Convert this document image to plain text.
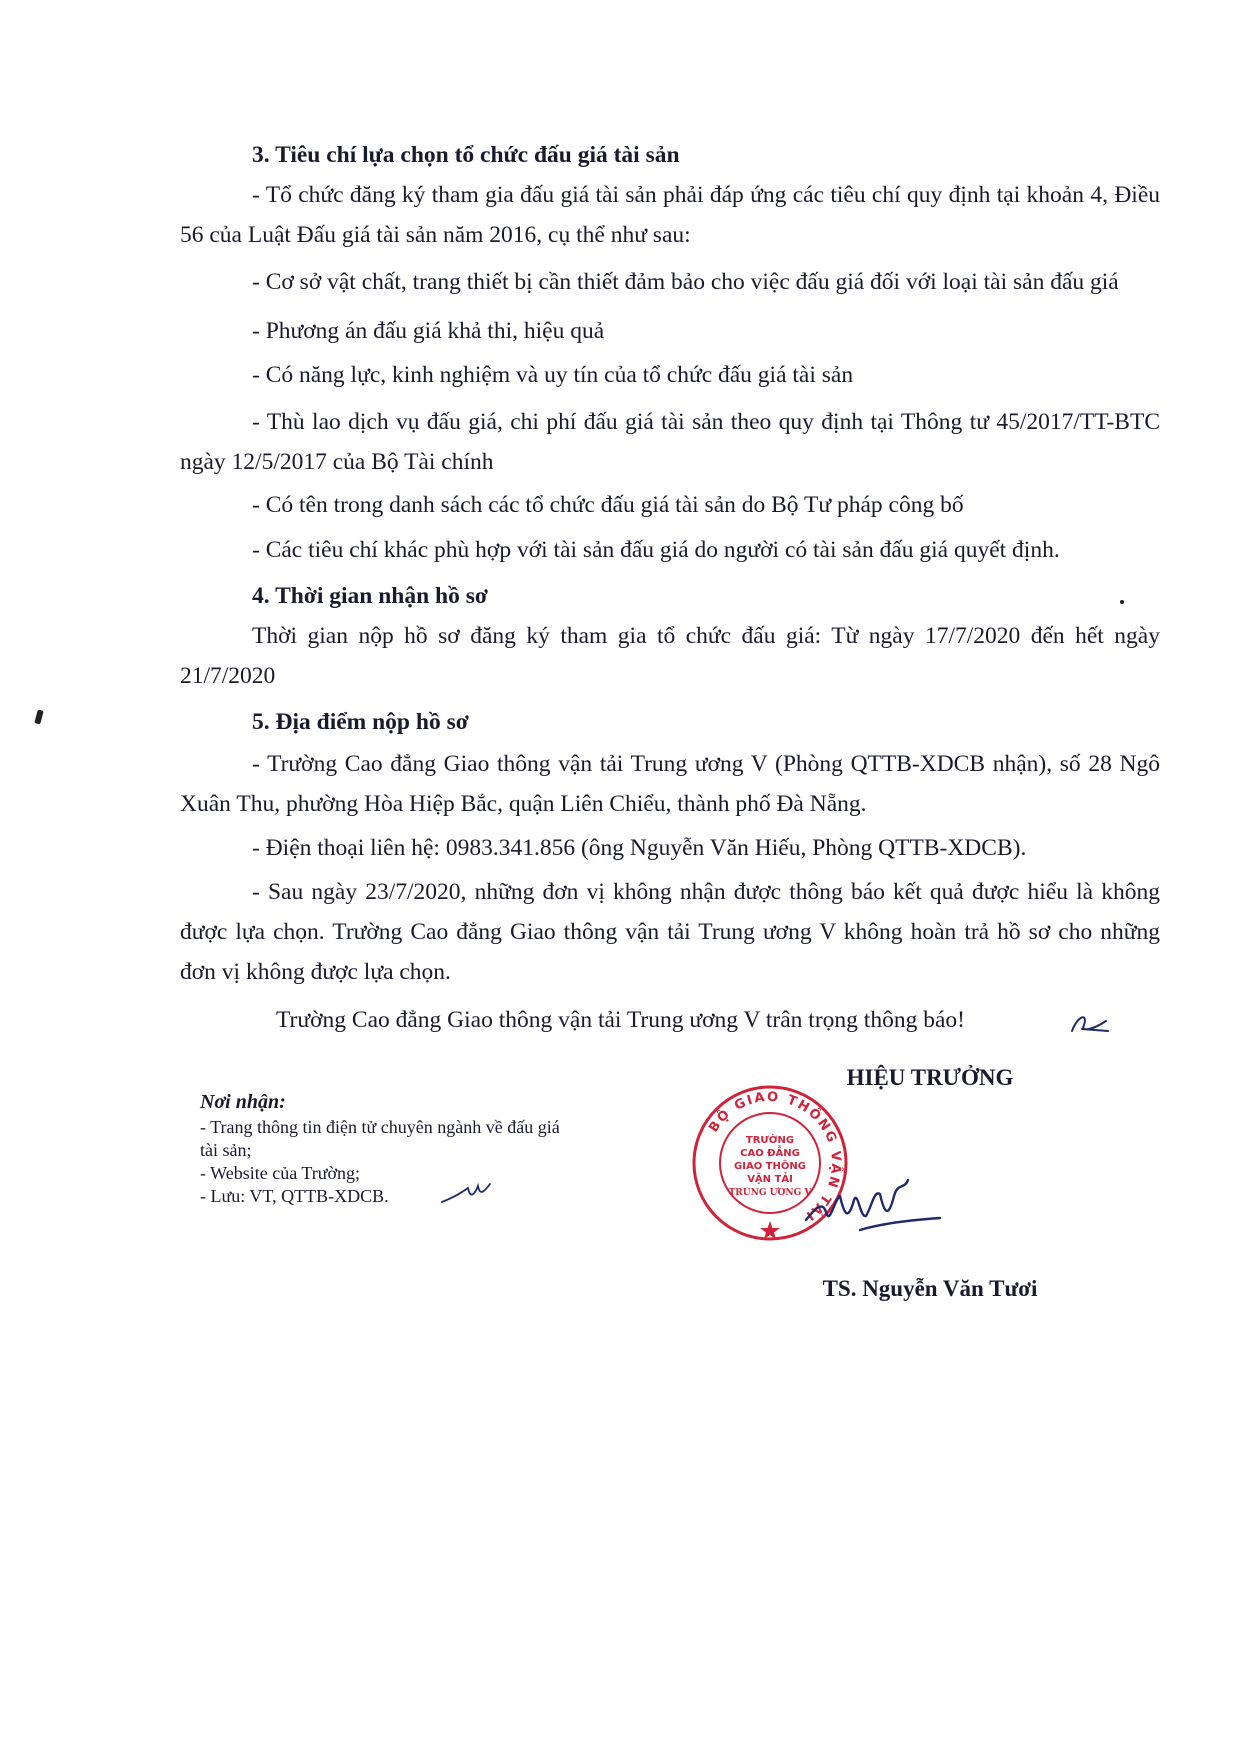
3. Tiêu chí lựa chọn tổ chức đấu giá tài sản

- Tổ chức đăng ký tham gia đấu giá tài sản phải đáp ứng các tiêu chí quy định tại khoản 4, Điều 56 của Luật Đấu giá tài sản năm 2016, cụ thể như sau:

- Cơ sở vật chất, trang thiết bị cần thiết đảm bảo cho việc đấu giá đối với loại tài sản đấu giá

- Phương án đấu giá khả thi, hiệu quả

- Có năng lực, kinh nghiệm và uy tín của tổ chức đấu giá tài sản

- Thù lao dịch vụ đấu giá, chi phí đấu giá tài sản theo quy định tại Thông tư 45/2017/TT-BTC ngày 12/5/2017 của Bộ Tài chính

- Có tên trong danh sách các tổ chức đấu giá tài sản do Bộ Tư pháp công bố

- Các tiêu chí khác phù hợp với tài sản đấu giá do người có tài sản đấu giá quyết định.

4. Thời gian nhận hồ sơ

Thời gian nộp hồ sơ đăng ký tham gia tổ chức đấu giá: Từ ngày 17/7/2020 đến hết ngày 21/7/2020

5. Địa điểm nộp hồ sơ

- Trường Cao đẳng Giao thông vận tải Trung ương V (Phòng QTTB-XDCB nhận), số 28 Ngô Xuân Thu, phường Hòa Hiệp Bắc, quận Liên Chiểu, thành phố Đà Nẵng.

- Điện thoại liên hệ: 0983.341.856 (ông Nguyễn Văn Hiếu, Phòng QTTB-XDCB).

- Sau ngày 23/7/2020, những đơn vị không nhận được thông báo kết quả được hiểu là không được lựa chọn. Trường Cao đẳng Giao thông vận tải Trung ương V không hoàn trả hồ sơ cho những đơn vị không được lựa chọn.

Trường Cao đẳng Giao thông vận tải Trung ương V trân trọng thông báo!

Nơi nhận:
- Trang thông tin điện tử chuyên ngành về đấu giá
tài sản;
- Website của Trường;
- Lưu: VT, QTTB-XDCB.
HIỆU TRƯỞNG
BỘ GIAO THÔNG VẬN TẢI
TRƯỜNG
CAO ĐẲNG
GIAO THÔNG
VẬN TẢI
TRUNG ƯƠNG V
TS. Nguyễn Văn Tươi
